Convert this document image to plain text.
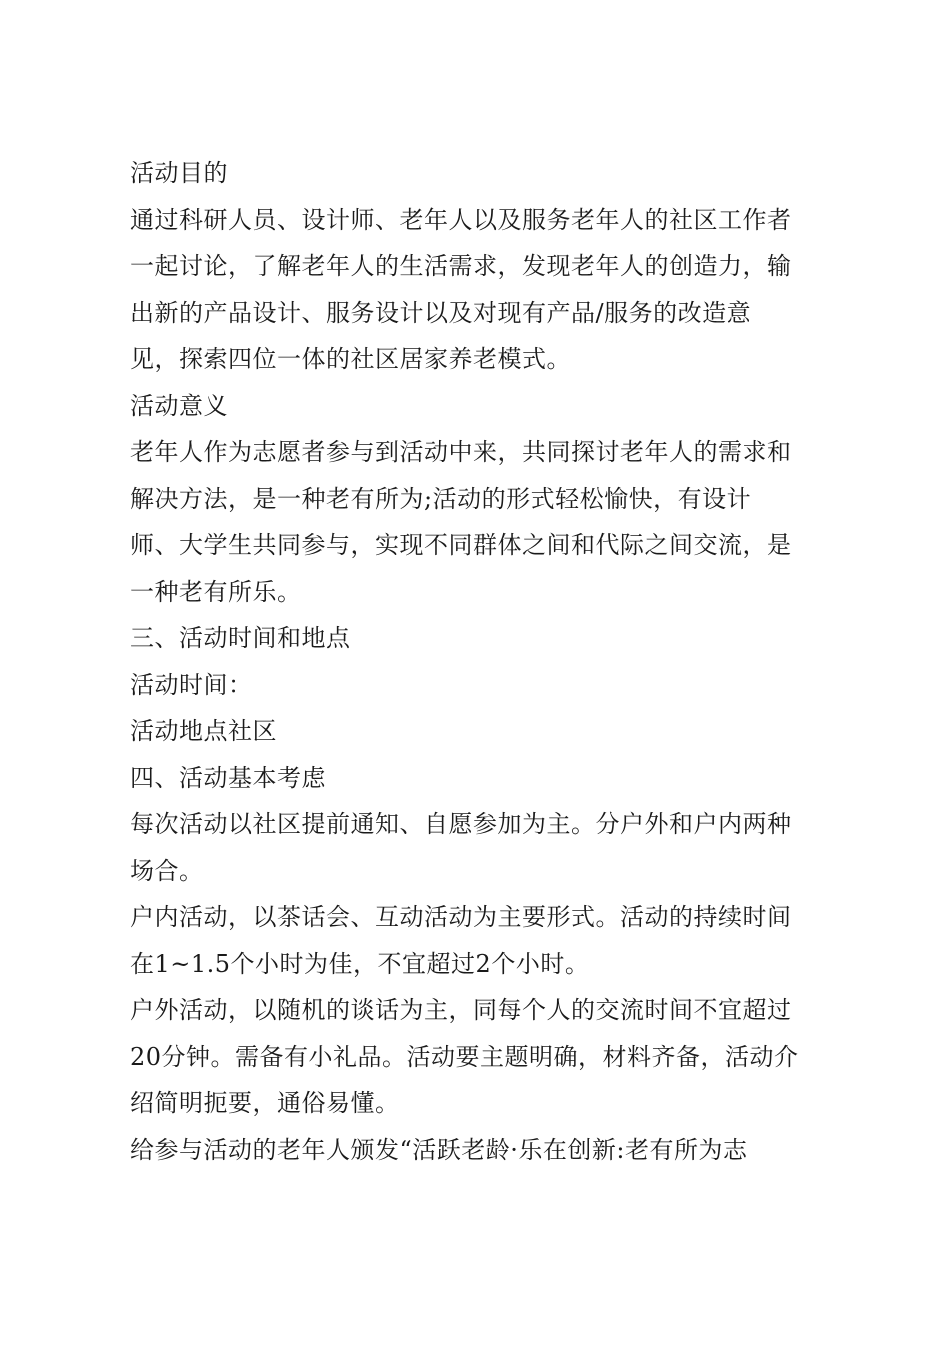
活动目的
通过科研人员、设计师、老年人以及服务老年人的社区工作者
一起讨论，了解老年人的生活需求，发现老年人的创造力，输
出新的产品设计、服务设计以及对现有产品/服务的改造意
见，探索四位一体的社区居家养老模式。
活动意义
老年人作为志愿者参与到活动中来，共同探讨老年人的需求和
解决方法，是一种老有所为;活动的形式轻松愉快，有设计
师、大学生共同参与，实现不同群体之间和代际之间交流，是
一种老有所乐。
三、活动时间和地点
活动时间：
活动地点社区
四、活动基本考虑
每次活动以社区提前通知、自愿参加为主。分户外和户内两种
场合。
户内活动，以茶话会、互动活动为主要形式。活动的持续时间
在1~1.5个小时为佳，不宜超过2个小时。
户外活动，以随机的谈话为主，同每个人的交流时间不宜超过
20分钟。需备有小礼品。活动要主题明确，材料齐备，活动介
绍简明扼要，通俗易懂。
给参与活动的老年人颁发“活跃老龄·乐在创新:老有所为志
